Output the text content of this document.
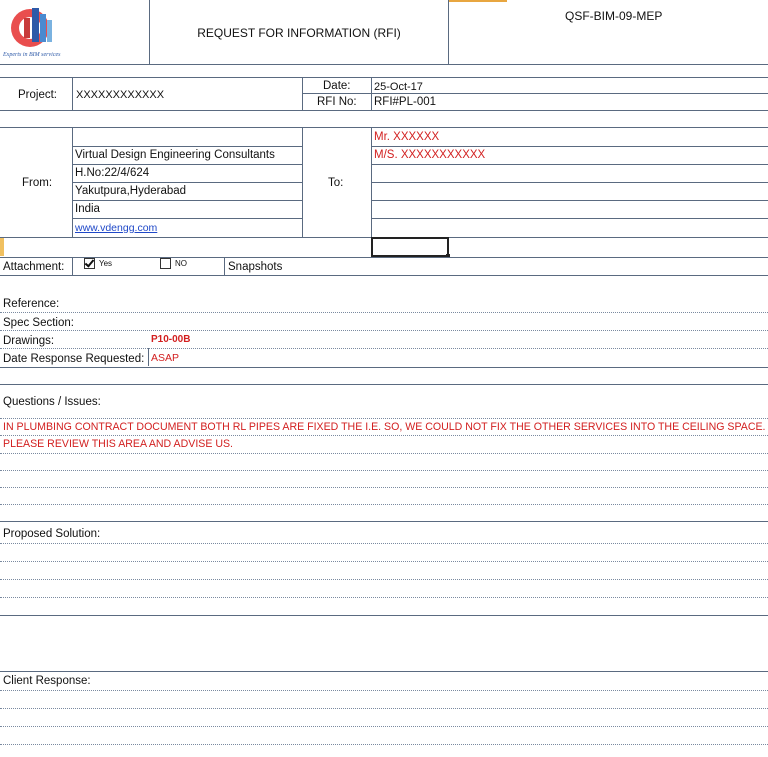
Experts in BIM services
REQUEST FOR INFORMATION (RFI)
QSF-BIM-09-MEP
Project: XXXXXXXXXXXX
Date: 25-Oct-17
RFI No: RFI#PL-001
From:
Virtual Design Engineering Consultants
H.No:22/4/624
Yakutpura,Hyderabad
India
www.vdengg.com
To:
Mr. XXXXXX
M/S. XXXXXXXXXXX
Attachment:	Yes	NO	Snapshots
Reference:
Spec Section:
Drawings:	P10-00B
Date Response Requested: ASAP
Questions / Issues:
IN PLUMBING CONTRACT DOCUMENT BOTH RL PIPES ARE FIXED THE I.E. SO, WE COULD NOT FIX THE OTHER SERVICES INTO THE CEILING SPACE.
PLEASE REVIEW THIS AREA AND ADVISE US.
Proposed Solution:
Client Response:
